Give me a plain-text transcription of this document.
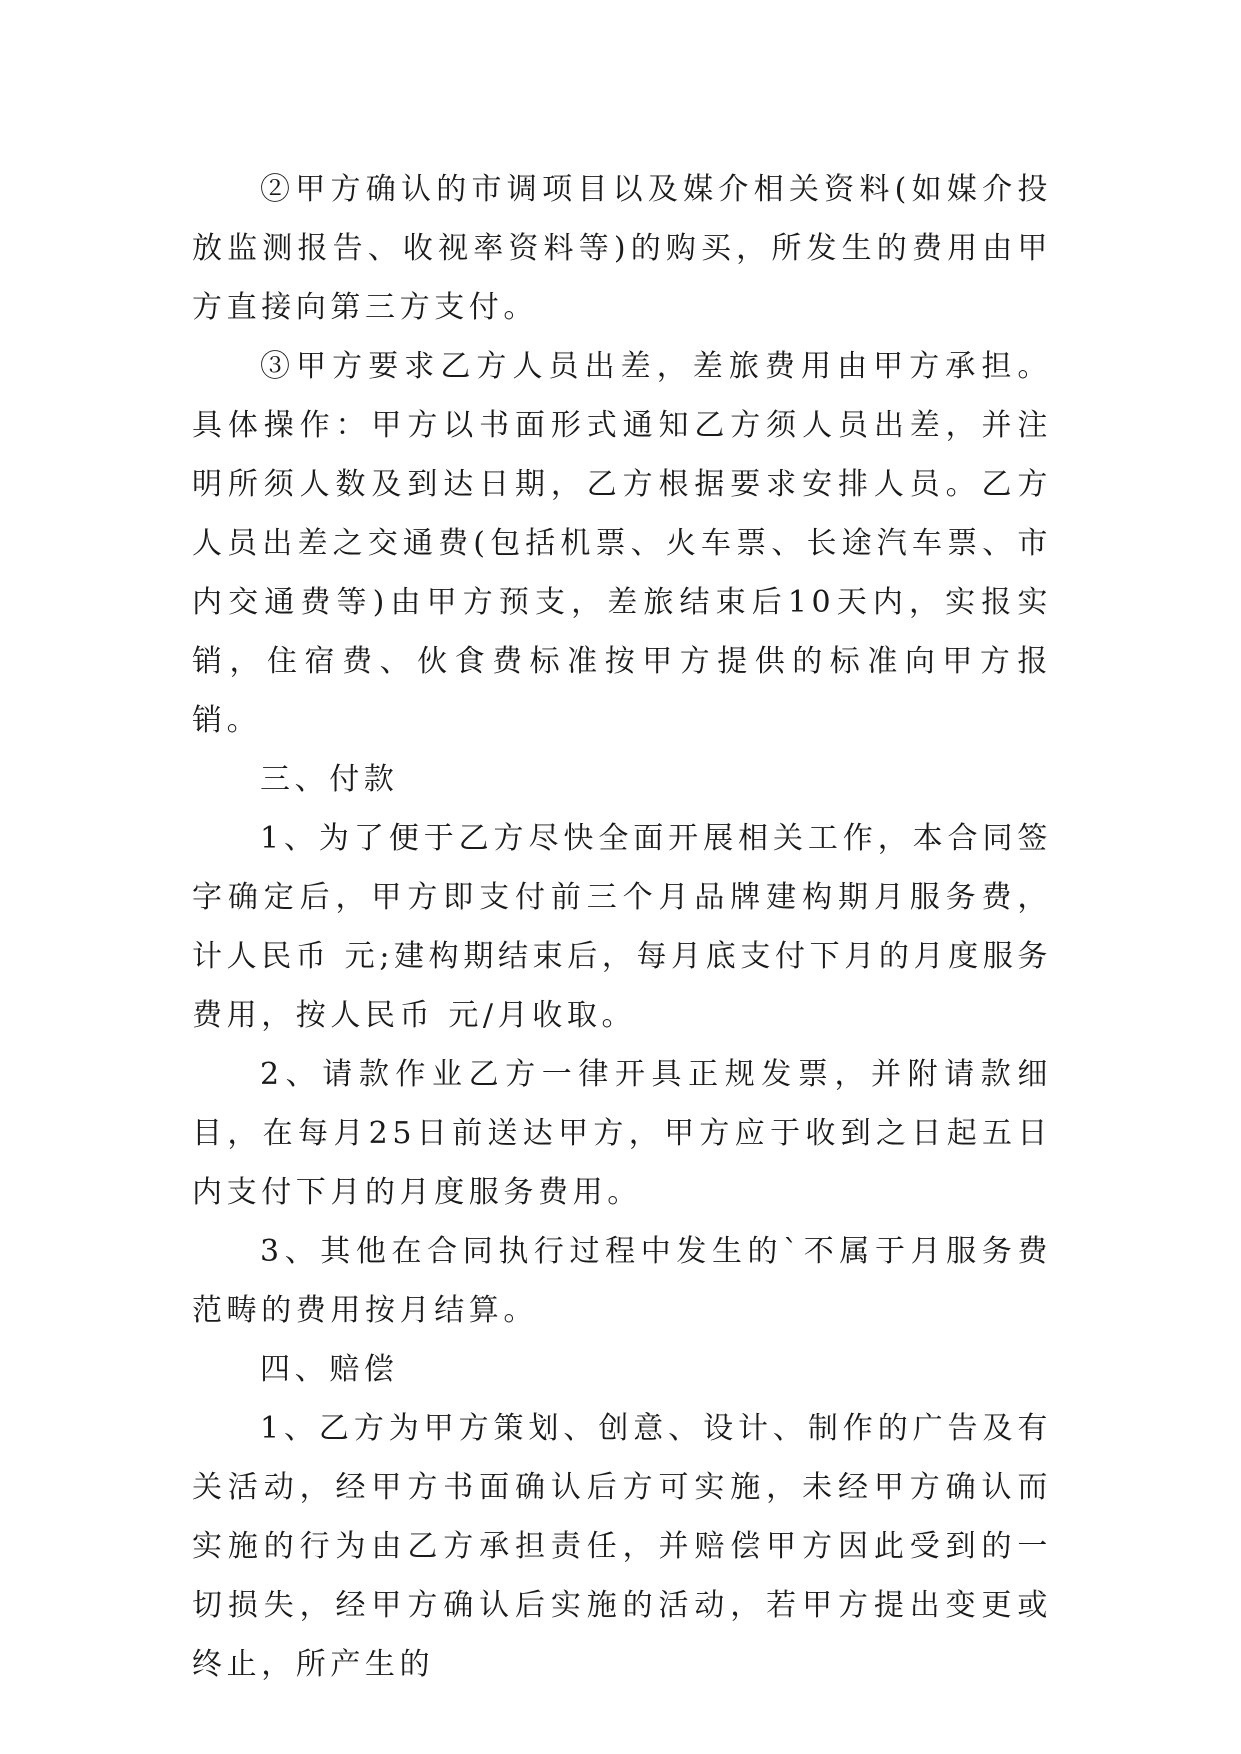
②甲方确认的市调项目以及媒介相关资料(如媒介投放监测报告、收视率资料等)的购买，所发生的费用由甲方直接向第三方支付。

③甲方要求乙方人员出差，差旅费用由甲方承担。具体操作：甲方以书面形式通知乙方须人员出差，并注明所须人数及到达日期，乙方根据要求安排人员。乙方人员出差之交通费(包括机票、火车票、长途汽车票、市内交通费等)由甲方预支，差旅结束后10天内，实报实销，住宿费、伙食费标准按甲方提供的标准向甲方报销。

三、付款

1、为了便于乙方尽快全面开展相关工作，本合同签字确定后，甲方即支付前三个月品牌建构期月服务费，计人民币 元;建构期结束后，每月底支付下月的月度服务费用，按人民币 元/月收取。

2、请款作业乙方一律开具正规发票，并附请款细目，在每月25日前送达甲方，甲方应于收到之日起五日内支付下月的月度服务费用。

3、其他在合同执行过程中发生的`不属于月服务费范畴的费用按月结算。

四、赔偿

1、乙方为甲方策划、创意、设计、制作的广告及有关活动，经甲方书面确认后方可实施，未经甲方确认而实施的行为由乙方承担责任，并赔偿甲方因此受到的一切损失，经甲方确认后实施的活动，若甲方提出变更或终止，所产生的
